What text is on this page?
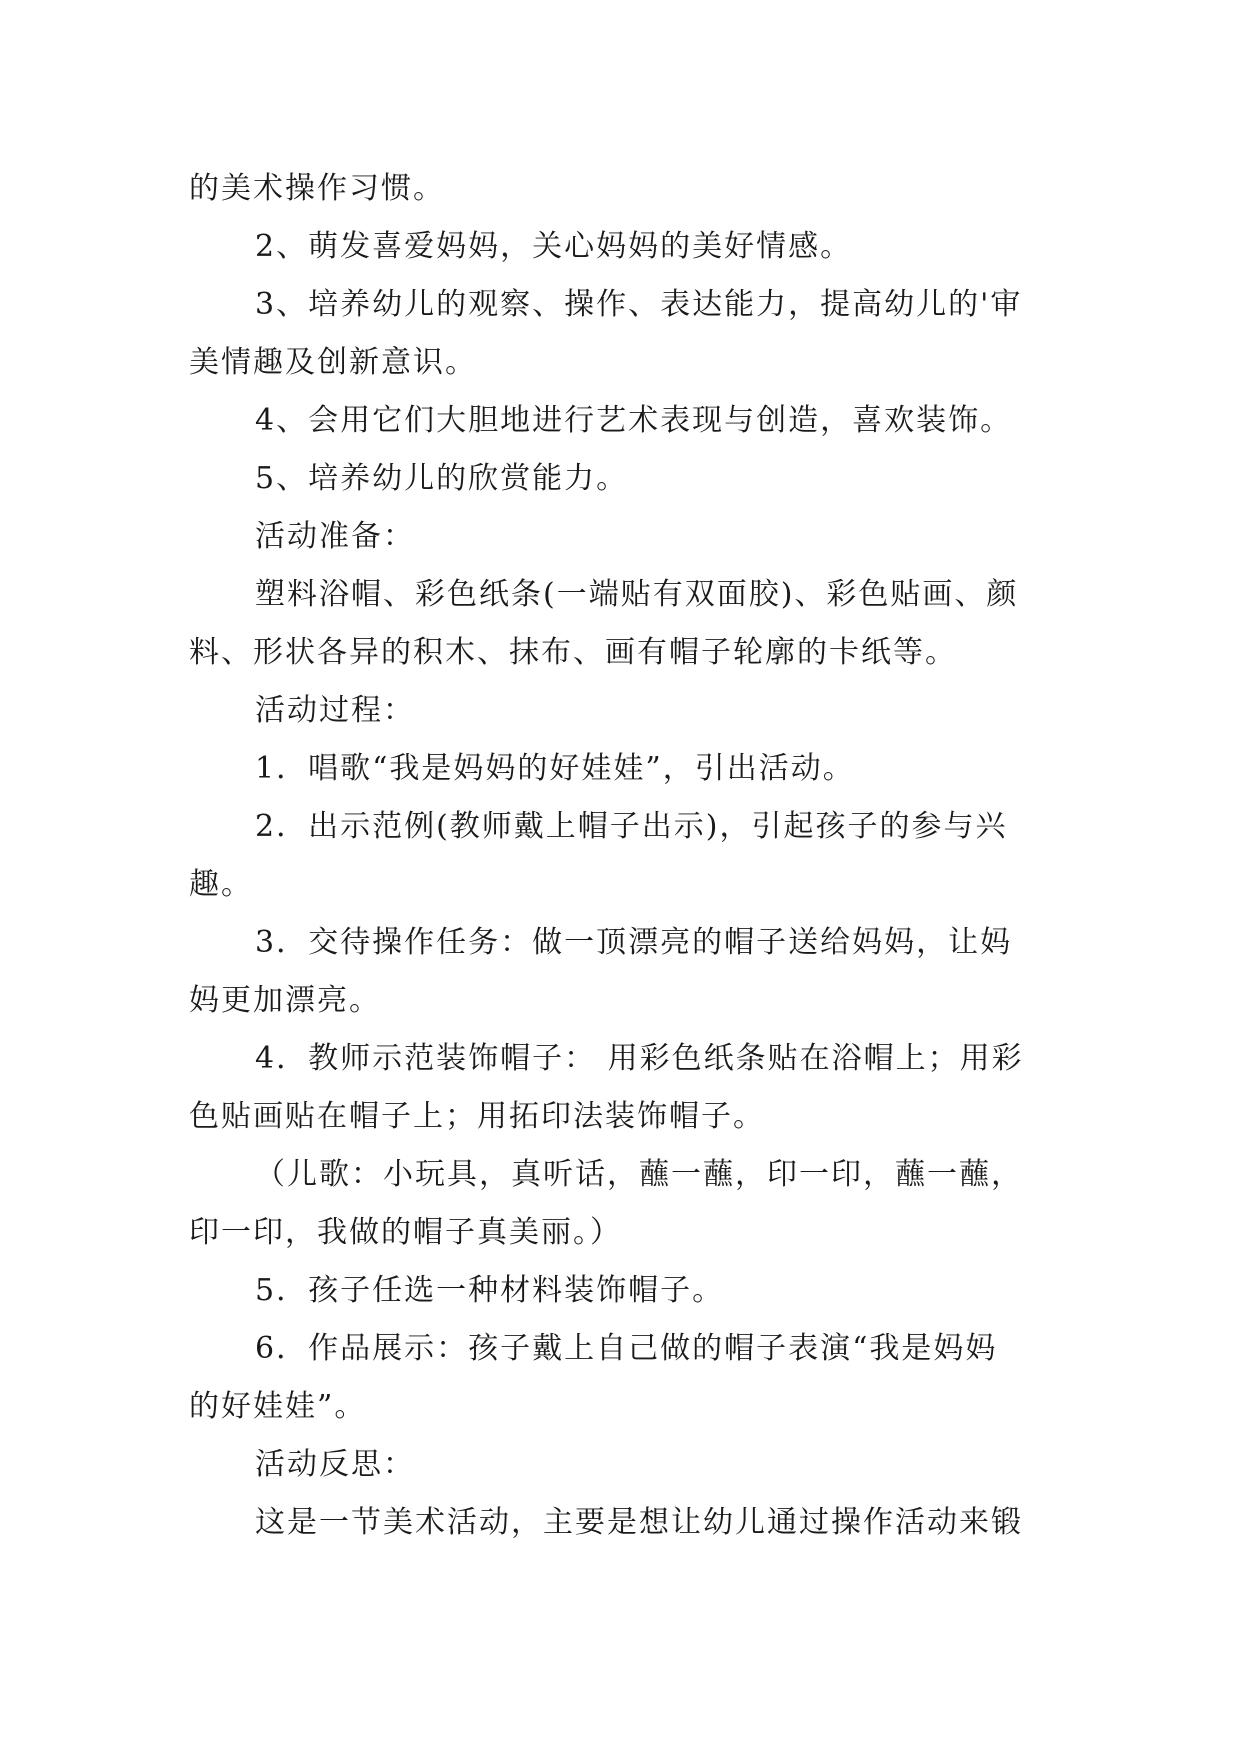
的美术操作习惯。
2、萌发喜爱妈妈，关心妈妈的美好情感。
3、培养幼儿的观察、操作、表达能力，提高幼儿的'审
美情趣及创新意识。
4、会用它们大胆地进行艺术表现与创造，喜欢装饰。
5、培养幼儿的欣赏能力。
活动准备：
塑料浴帽、彩色纸条(一端贴有双面胶)、彩色贴画、颜
料、形状各异的积木、抹布、画有帽子轮廓的卡纸等。
活动过程：
1．唱歌“我是妈妈的好娃娃”，引出活动。
2．出示范例(教师戴上帽子出示)，引起孩子的参与兴
趣。
3．交待操作任务：做一顶漂亮的帽子送给妈妈，让妈
妈更加漂亮。
4．教师示范装饰帽子： 用彩色纸条贴在浴帽上；用彩
色贴画贴在帽子上；用拓印法装饰帽子。
（儿歌：小玩具，真听话，蘸一蘸，印一印，蘸一蘸，
印一印，我做的帽子真美丽。）
5．孩子任选一种材料装饰帽子。
6．作品展示：孩子戴上自己做的帽子表演“我是妈妈
的好娃娃”。
活动反思：
这是一节美术活动，主要是想让幼儿通过操作活动来锻
